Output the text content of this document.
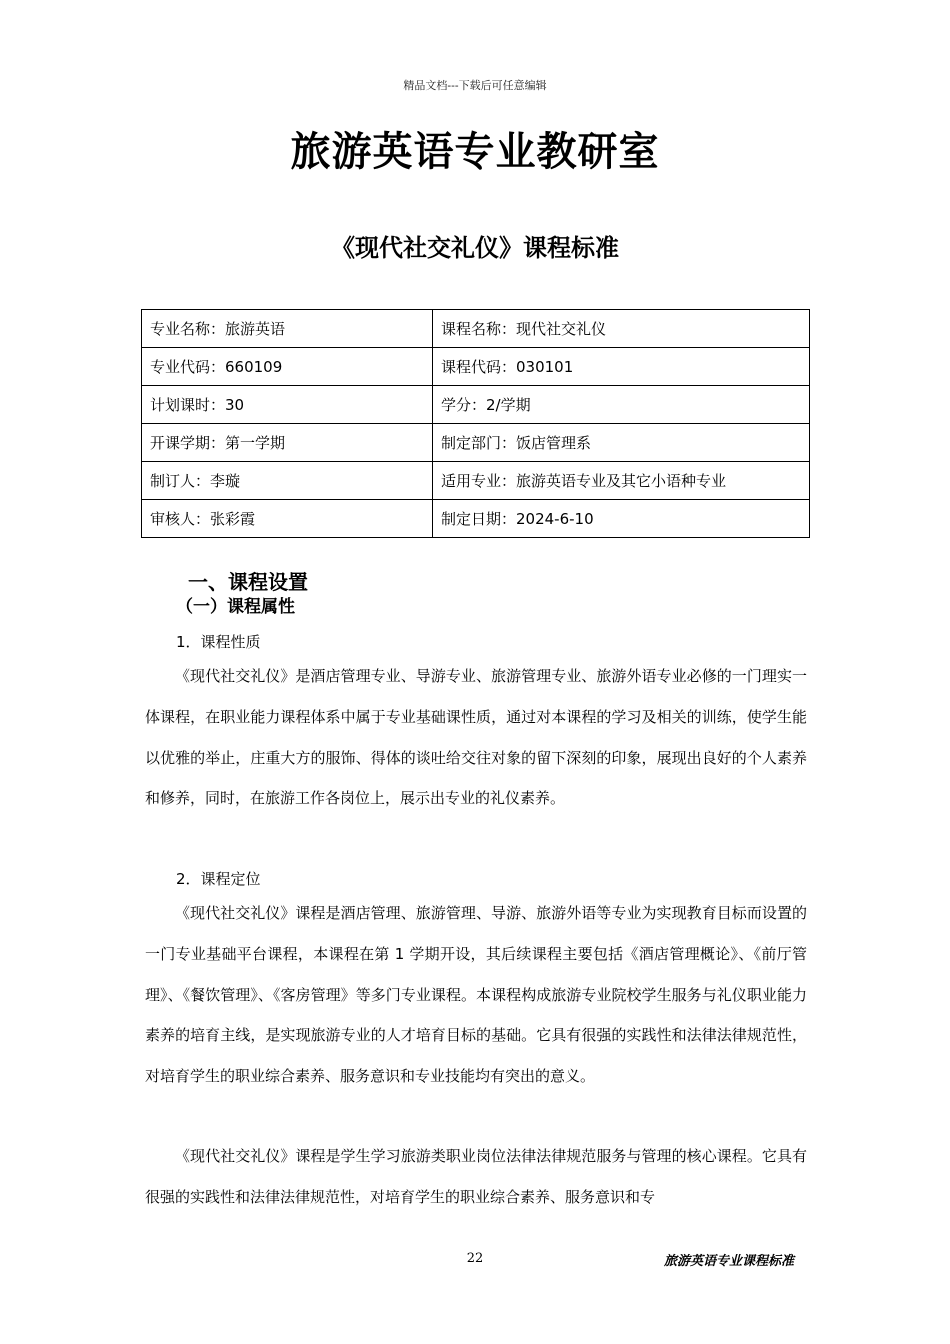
精品文档---下载后可任意编辑
旅游英语专业教研室
《现代社交礼仪》课程标准
专业名称：旅游英语	课程名称：现代社交礼仪
专业代码：660109	课程代码：030101
计划课时：30	学分：2/学期
开课学期：第一学期	制定部门：饭店管理系
制订人：李璇	适用专业：旅游英语专业及其它小语种专业
审核人：张彩霞	制定日期：2024-6-10
一、课程设置
（一）课程属性
1．课程性质
《现代社交礼仪》是酒店管理专业、导游专业、旅游管理专业、旅游外语专业必修的一门理实一体课程，在职业能力课程体系中属于专业基础课性质，通过对本课程的学习及相关的训练，使学生能以优雅的举止，庄重大方的服饰、得体的谈吐给交往对象的留下深刻的印象，展现出良好的个人素养和修养，同时，在旅游工作各岗位上，展示出专业的礼仪素养。
2．课程定位
《现代社交礼仪》课程是酒店管理、旅游管理、导游、旅游外语等专业为实现教育目标而设置的一门专业基础平台课程，本课程在第 1 学期开设，其后续课程主要包括《酒店管理概论》、《前厅管理》、《餐饮管理》、《客房管理》等多门专业课程。本课程构成旅游专业院校学生服务与礼仪职业能力素养的培育主线，是实现旅游专业的人才培育目标的基础。它具有很强的实践性和法律法律规范性，对培育学生的职业综合素养、服务意识和专业技能均有突出的意义。
《现代社交礼仪》课程是学生学习旅游类职业岗位法律法律规范服务与管理的核心课程。它具有很强的实践性和法律法律规范性，对培育学生的职业综合素养、服务意识和专
22	旅游英语专业课程标准
